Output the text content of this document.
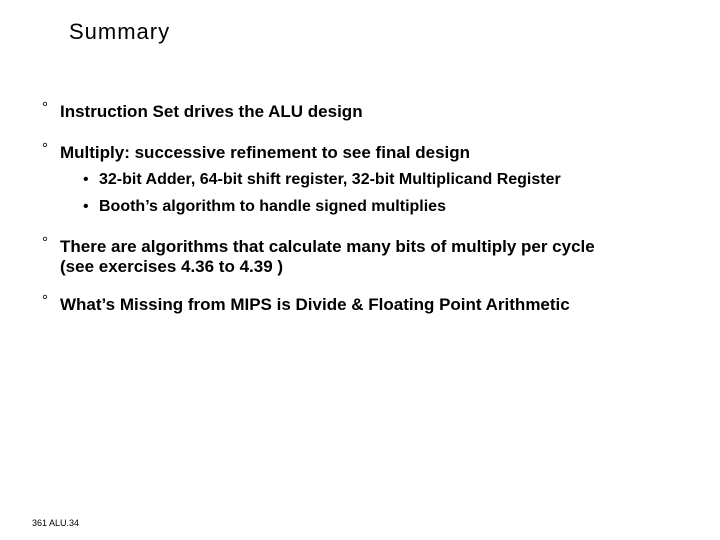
Summary
° Instruction Set drives the ALU design
° Multiply: successive refinement to see final design
• 32-bit Adder, 64-bit shift register, 32-bit Multiplicand Register
• Booth’s algorithm to handle signed multiplies
° There are algorithms that calculate many bits of multiply per cycle
(see exercises 4.36 to 4.39 )
° What’s Missing from MIPS is Divide & Floating Point Arithmetic
361 ALU.34
